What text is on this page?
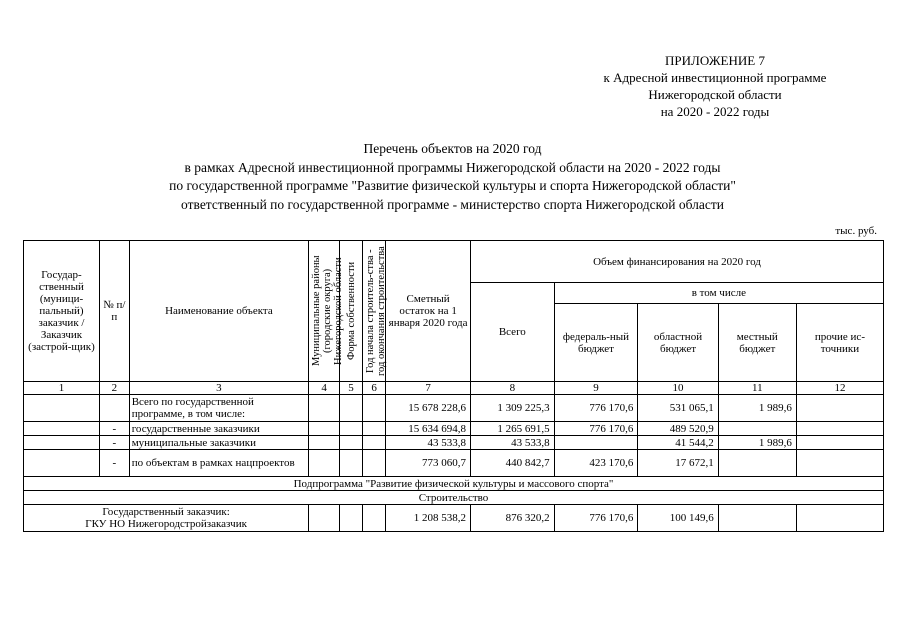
ПРИЛОЖЕНИЕ 7
к Адресной инвестиционной программе
Нижегородской области
на 2020 - 2022 годы
Перечень объектов на 2020 год
в рамках Адресной инвестиционной программы Нижегородской области на 2020 - 2022 годы
по государственной программе "Развитие физической культуры и спорта Нижегородской области"
ответственный по государственной программе - министерство спорта Нижегородской области
тыс. руб.
Государ-ственный (муници-пальный) заказчик / Заказчик (застрой-щик)	№ п/п	Наименование объекта	Муниципальные районы (городские округа) Нижегородской области	Форма собственности	Год начала строитель-ства - год окончания строительства	Сметный остаток на 1 января 2020 года	Объем финансирования на 2020 год				
							Всего	в том числе			
								федераль-ный бюджет	областной бюджет	местный бюджет	прочие ис-точники
1	2	3	4	5	6	7	8	9	10	11	12
		Всего по государственной программе, в том числе:				15 678 228,6	1 309 225,3	776 170,6	531 065,1	1 989,6	
	-	государственные заказчики				15 634 694,8	1 265 691,5	776 170,6	489 520,9		
	-	муниципальные заказчики				43 533,8	43 533,8		41 544,2	1 989,6	
	-	по объектам в рамках нацпроектов				773 060,7	440 842,7	423 170,6	17 672,1		
Подпрограмма "Развитие физической культуры и массового спорта"											
Строительство											

Государственный заказчик:
ГКУ НО Нижегородстройзаказчик						1 208 538,2	876 320,2	776 170,6	100 149,6		
